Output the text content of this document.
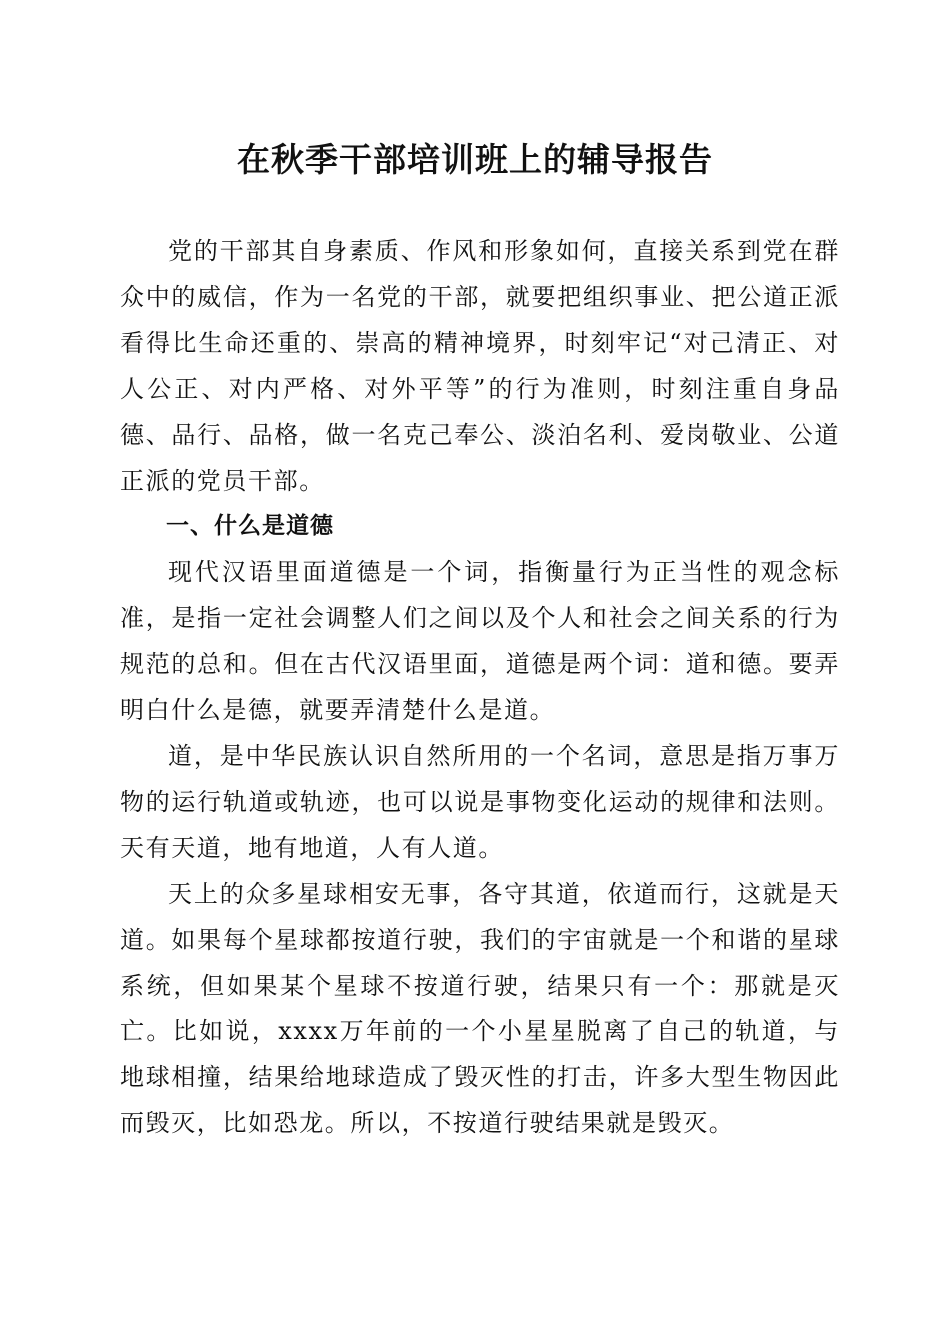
在秋季干部培训班上的辅导报告

党的干部其自身素质、作风和形象如何，直接关系到党在群众中的威信，作为一名党的干部，就要把组织事业、把公道正派看得比生命还重的、崇高的精神境界，时刻牢记“对己清正、对人公正、对内严格、对外平等”的行为准则，时刻注重自身品德、品行、品格，做一名克己奉公、淡泊名利、爱岗敬业、公道正派的党员干部。

一、什么是道德

现代汉语里面道德是一个词，指衡量行为正当性的观念标准，是指一定社会调整人们之间以及个人和社会之间关系的行为规范的总和。但在古代汉语里面，道德是两个词：道和德。要弄明白什么是德，就要弄清楚什么是道。

道，是中华民族认识自然所用的一个名词，意思是指万事万物的运行轨道或轨迹，也可以说是事物变化运动的规律和法则。天有天道，地有地道，人有人道。

天上的众多星球相安无事，各守其道，依道而行，这就是天道。如果每个星球都按道行驶，我们的宇宙就是一个和谐的星球系统，但如果某个星球不按道行驶，结果只有一个：那就是灭亡。比如说，xxxx万年前的一个小星星脱离了自己的轨道，与地球相撞，结果给地球造成了毁灭性的打击，许多大型生物因此而毁灭，比如恐龙。所以，不按道行驶结果就是毁灭。
